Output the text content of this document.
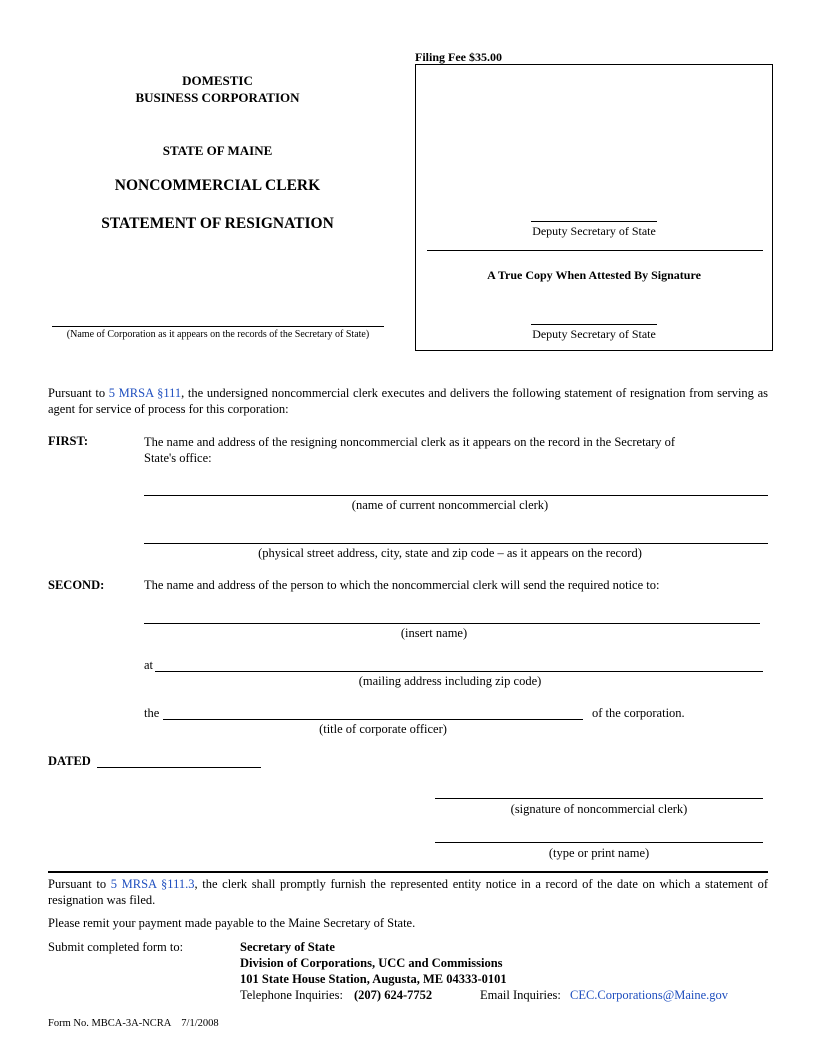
DOMESTIC
BUSINESS CORPORATION
STATE OF MAINE
NONCOMMERCIAL CLERK
STATEMENT OF RESIGNATION
(Name of Corporation as it appears on the records of the Secretary of State)
Filing Fee $35.00
Deputy Secretary of State
A True Copy When Attested By Signature
Deputy Secretary of State
Pursuant to 5 MRSA §111, the undersigned noncommercial clerk executes and delivers the following statement of resignation from serving as agent for service of process for this corporation:
FIRST:	The name and address of the resigning noncommercial clerk as it appears on the record in the Secretary of State's office:
(name of current noncommercial clerk)
(physical street address, city, state and zip code – as it appears on the record)
SECOND:	The name and address of the person to which the noncommercial clerk will send the required notice to:
(insert name)
at
(mailing address including zip code)
the	of the corporation.
(title of corporate officer)
DATED
(signature of noncommercial clerk)
(type or print name)
Pursuant to 5 MRSA §111.3, the clerk shall promptly furnish the represented entity notice in a record of the date on which a statement of resignation was filed.
Please remit your payment made payable to the Maine Secretary of State.
Submit completed form to:	Secretary of State
Division of Corporations, UCC and Commissions
101 State House Station, Augusta, ME 04333-0101
Telephone Inquiries: (207) 624-7752	Email Inquiries: CEC.Corporations@Maine.gov
Form No. MBCA-3A-NCRA    7/1/2008
